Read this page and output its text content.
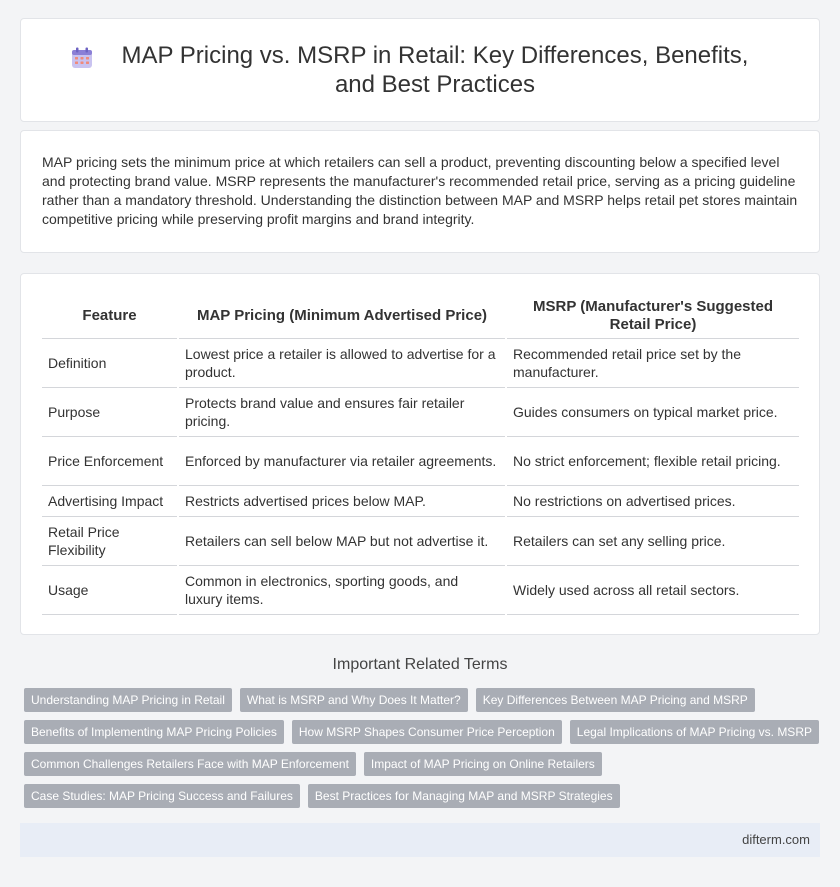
MAP Pricing vs. MSRP in Retail: Key Differences, Benefits, and Best Practices

MAP pricing sets the minimum price at which retailers can sell a product, preventing discounting below a specified level and protecting brand value. MSRP represents the manufacturer's recommended retail price, serving as a pricing guideline rather than a mandatory threshold. Understanding the distinction between MAP and MSRP helps retail pet stores maintain competitive pricing while preserving profit margins and brand integrity.

Feature	MAP Pricing (Minimum Advertised Price)	MSRP (Manufacturer's Suggested Retail Price)
Definition	Lowest price a retailer is allowed to advertise for a product.	Recommended retail price set by the manufacturer.
Purpose	Protects brand value and ensures fair retailer pricing.	Guides consumers on typical market price.
Price Enforcement	Enforced by manufacturer via retailer agreements.	No strict enforcement; flexible retail pricing.
Advertising Impact	Restricts advertised prices below MAP.	No restrictions on advertised prices.
Retail Price Flexibility	Retailers can sell below MAP but not advertise it.	Retailers can set any selling price.
Usage	Common in electronics, sporting goods, and luxury items.	Widely used across all retail sectors.
Important Related Terms
Understanding MAP Pricing in Retail	What is MSRP and Why Does It Matter?	Key Differences Between MAP Pricing and MSRP
Benefits of Implementing MAP Pricing Policies	How MSRP Shapes Consumer Price Perception	Legal Implications of MAP Pricing vs. MSRP
Common Challenges Retailers Face with MAP Enforcement	Impact of MAP Pricing on Online Retailers
Case Studies: MAP Pricing Success and Failures	Best Practices for Managing MAP and MSRP Strategies
difterm.com
